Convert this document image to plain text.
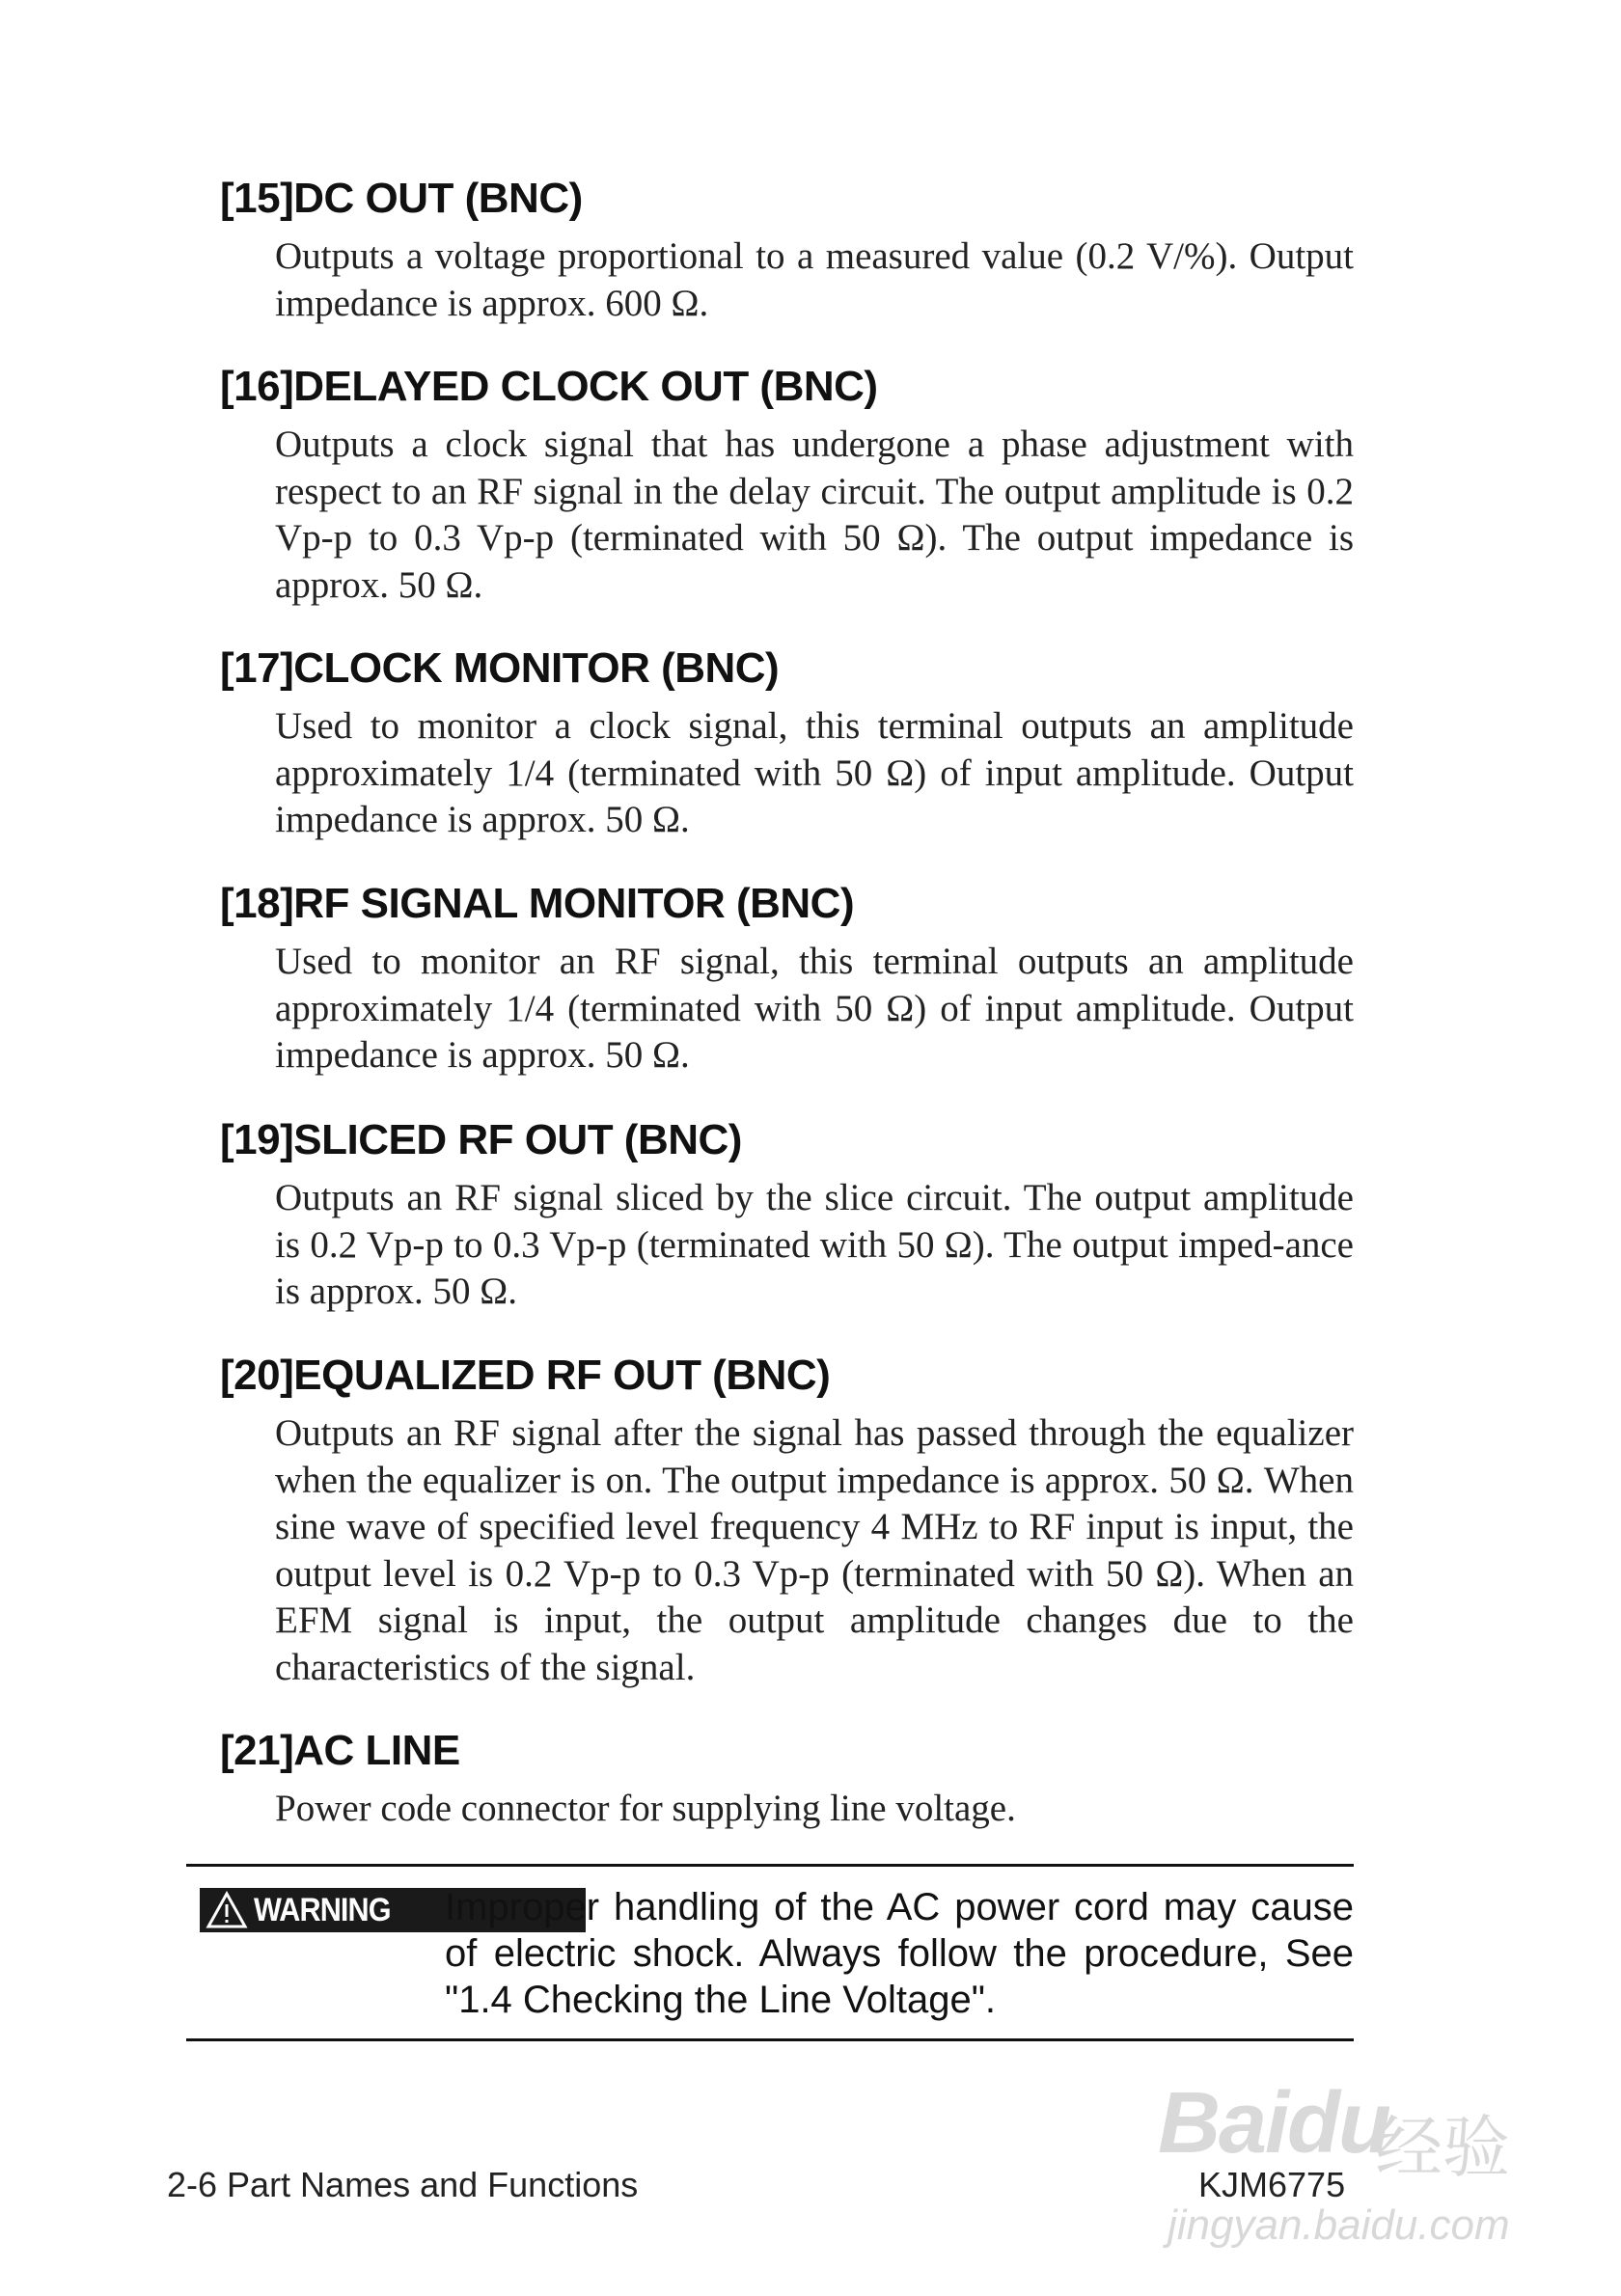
[15]DC OUT (BNC)

Outputs a voltage proportional to a measured value (0.2 V/%). Output impedance is approx. 600 Ω.

[16]DELAYED CLOCK OUT (BNC)

Outputs a clock signal that has undergone a phase adjustment with respect to an RF signal in the delay circuit. The output amplitude is 0.2 Vp-p to 0.3 Vp-p (terminated with 50 Ω). The output impedance is approx. 50 Ω.

[17]CLOCK MONITOR (BNC)

Used to monitor a clock signal, this terminal outputs an amplitude approximately 1/4 (terminated with 50 Ω) of input amplitude. Output impedance is approx. 50 Ω.

[18]RF SIGNAL MONITOR (BNC)

Used to monitor an RF signal, this terminal outputs an amplitude approximately 1/4 (terminated with 50 Ω) of input amplitude. Output impedance is approx. 50 Ω.

[19]SLICED RF OUT (BNC)

Outputs an RF signal sliced by the slice circuit. The output amplitude is 0.2 Vp-p to 0.3 Vp-p (terminated with 50 Ω). The output imped-ance is approx. 50 Ω.

[20]EQUALIZED RF OUT (BNC)

Outputs an RF signal after the signal has passed through the equalizer when the equalizer is on. The output impedance is approx. 50 Ω. When sine wave of specified level frequency 4 MHz to RF input is input, the output level is 0.2 Vp-p to 0.3 Vp-p (terminated with 50 Ω). When an EFM signal is input, the output amplitude changes due to the characteristics of the signal.

[21]AC LINE

Power code connector for supplying line voltage.

WARNING • Improper handling of the AC power cord may cause of electric shock. Always follow the procedure, See "1.4 Checking the Line Voltage".
Baidu
经验
jingyan.baidu.com
2-6 Part Names and Functions	KJM6775
